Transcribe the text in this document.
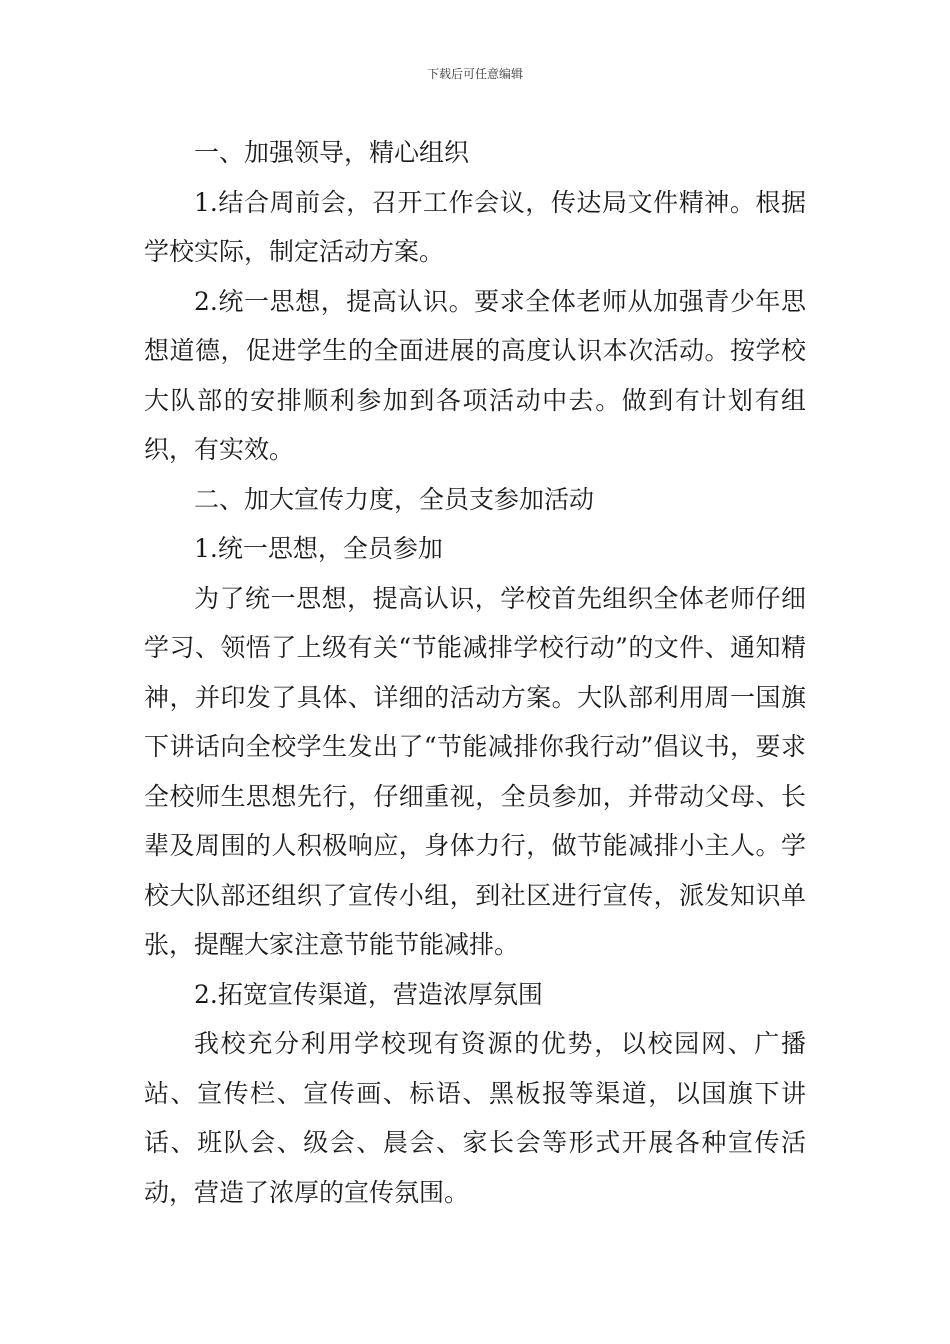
下载后可任意编辑

一、加强领导，精心组织

1.结合周前会，召开工作会议，传达局文件精神。根据学校实际，制定活动方案。

2.统一思想，提高认识。要求全体老师从加强青少年思想道德，促进学生的全面进展的高度认识本次活动。按学校大队部的安排顺利参加到各项活动中去。做到有计划有组织，有实效。

二、加大宣传力度，全员支参加活动

1.统一思想，全员参加

为了统一思想，提高认识，学校首先组织全体老师仔细学习、领悟了上级有关“节能减排学校行动”的文件、通知精神，并印发了具体、详细的活动方案。大队部利用周一国旗下讲话向全校学生发出了“节能减排你我行动”倡议书，要求全校师生思想先行，仔细重视，全员参加，并带动父母、长辈及周围的人积极响应，身体力行，做节能减排小主人。学校大队部还组织了宣传小组，到社区进行宣传，派发知识单张，提醒大家注意节能节能减排。

2.拓宽宣传渠道，营造浓厚氛围

我校充分利用学校现有资源的优势，以校园网、广播站、宣传栏、宣传画、标语、黑板报等渠道，以国旗下讲话、班队会、级会、晨会、家长会等形式开展各种宣传活动，营造了浓厚的宣传氛围。
